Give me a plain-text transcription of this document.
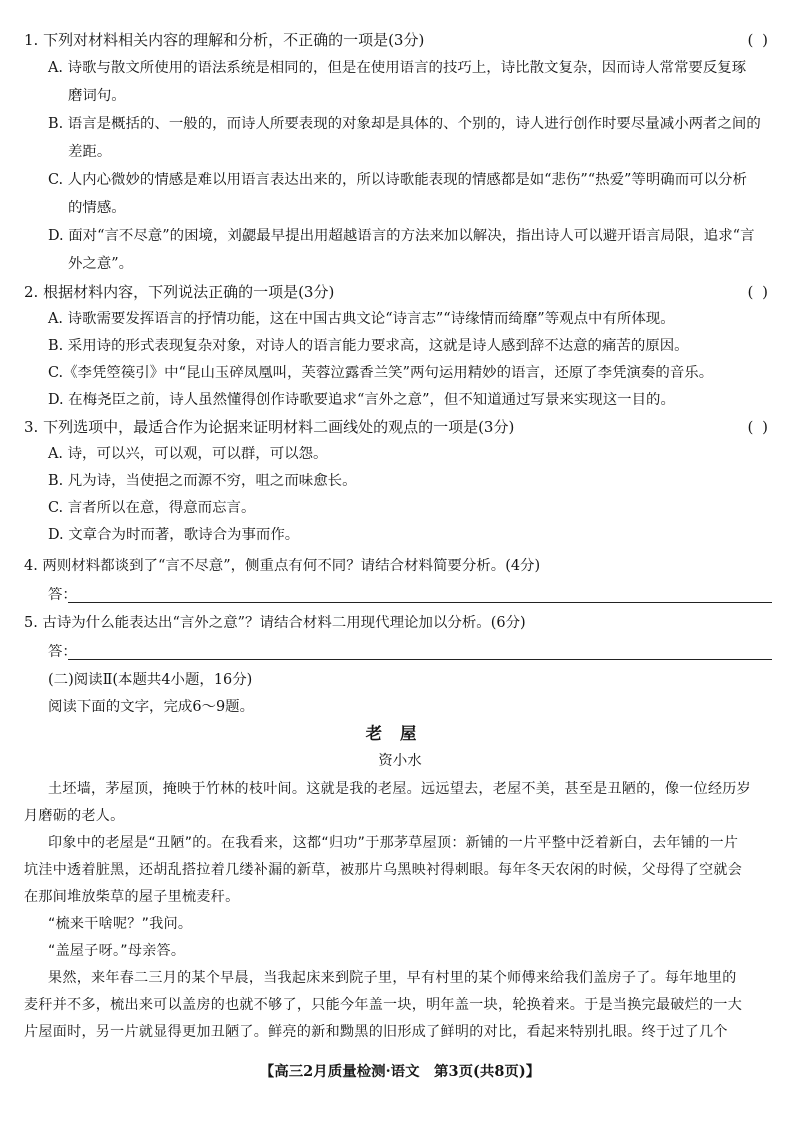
1. 下列对材料相关内容的理解和分析，不正确的一项是(3分)	( )
A. 诗歌与散文所使用的语法系统是相同的，但是在使用语言的技巧上，诗比散文复杂，因而诗人常常要反复琢
磨词句。
B. 语言是概括的、一般的，而诗人所要表现的对象却是具体的、个别的，诗人进行创作时要尽量减小两者之间的
差距。
C. 人内心微妙的情感是难以用语言表达出来的，所以诗歌能表现的情感都是如“悲伤”“热爱”等明确而可以分析
的情感。
D. 面对“言不尽意”的困境，刘勰最早提出用超越语言的方法来加以解决，指出诗人可以避开语言局限，追求“言
外之意”。
2. 根据材料内容，下列说法正确的一项是(3分)	( )
A. 诗歌需要发挥语言的抒情功能，这在中国古典文论“诗言志”“诗缘情而绮靡”等观点中有所体现。
B. 采用诗的形式表现复杂对象，对诗人的语言能力要求高，这就是诗人感到辞不达意的痛苦的原因。
C.《李凭箜篌引》中“昆山玉碎凤凰叫，芙蓉泣露香兰笑”两句运用精妙的语言，还原了李凭演奏的音乐。
D. 在梅尧臣之前，诗人虽然懂得创作诗歌要追求“言外之意”，但不知道通过写景来实现这一目的。
3. 下列选项中，最适合作为论据来证明材料二画线处的观点的一项是(3分)	( )
A. 诗，可以兴，可以观，可以群，可以怨。
B. 凡为诗，当使挹之而源不穷，咀之而味愈长。
C. 言者所以在意，得意而忘言。
D. 文章合为时而著，歌诗合为事而作。
4. 两则材料都谈到了“言不尽意”，侧重点有何不同？请结合材料简要分析。(4分)
答：
5. 古诗为什么能表达出“言外之意”？请结合材料二用现代理论加以分析。(6分)
答：
(二)阅读Ⅱ(本题共4小题，16分)
阅读下面的文字，完成6～9题。
老屋
资小水
土坯墙，茅屋顶，掩映于竹林的枝叶间。这就是我的老屋。远远望去，老屋不美，甚至是丑陋的，像一位经历岁
月磨砺的老人。
印象中的老屋是“丑陋”的。在我看来，这都“归功”于那茅草屋顶：新铺的一片平整中泛着新白，去年铺的一片
坑洼中透着脏黑，还胡乱搭拉着几缕补漏的新草，被那片乌黑映衬得刺眼。每年冬天农闲的时候，父母得了空就会
在那间堆放柴草的屋子里梳麦秆。
“梳来干啥呢？”我问。
“盖屋子呀。”母亲答。
果然，来年春二三月的某个早晨，当我起床来到院子里，早有村里的某个师傅来给我们盖房子了。每年地里的
麦秆并不多，梳出来可以盖房的也就不够了，只能今年盖一块，明年盖一块，轮换着来。于是当换完最破烂的一大
片屋面时，另一片就显得更加丑陋了。鲜亮的新和黝黑的旧形成了鲜明的对比，看起来特别扎眼。终于过了几个
【高三2月质量检测·语文　第3页(共8页)】
